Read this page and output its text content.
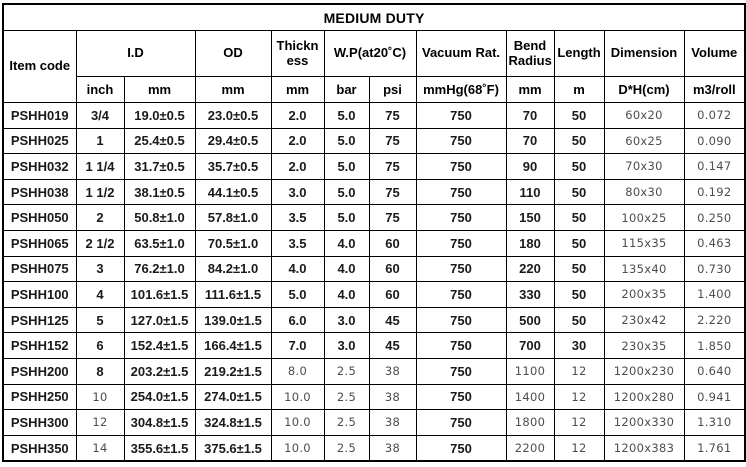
MEDIUM DUTY											
Item code	I.D		OD	Thickness	W.P(at20˚C)		Vacuum Rat.	Bend Radius	Length	Dimension	Volume
	inch	mm	mm	mm	bar	psi	mmHg(68˚F)	mm	m	D*H(cm)	m3/roll
PSHH019	3/4	19.0±0.5	23.0±0.5	2.0	5.0	75	750	70	50	60x20	0.072
PSHH025	1	25.4±0.5	29.4±0.5	2.0	5.0	75	750	70	50	60x25	0.090
PSHH032	1 1/4	31.7±0.5	35.7±0.5	2.0	5.0	75	750	90	50	70x30	0.147
PSHH038	1 1/2	38.1±0.5	44.1±0.5	3.0	5.0	75	750	110	50	80x30	0.192
PSHH050	2	50.8±1.0	57.8±1.0	3.5	5.0	75	750	150	50	100x25	0.250
PSHH065	2 1/2	63.5±1.0	70.5±1.0	3.5	4.0	60	750	180	50	115x35	0.463
PSHH075	3	76.2±1.0	84.2±1.0	4.0	4.0	60	750	220	50	135x40	0.730
PSHH100	4	101.6±1.5	111.6±1.5	5.0	4.0	60	750	330	50	200x35	1.400
PSHH125	5	127.0±1.5	139.0±1.5	6.0	3.0	45	750	500	50	230x42	2.220
PSHH152	6	152.4±1.5	166.4±1.5	7.0	3.0	45	750	700	30	230x35	1.850
PSHH200	8	203.2±1.5	219.2±1.5	8.0	2.5	38	750	1100	12	1200x230	0.640
PSHH250	10	254.0±1.5	274.0±1.5	10.0	2.5	38	750	1400	12	1200x280	0.941
PSHH300	12	304.8±1.5	324.8±1.5	10.0	2.5	38	750	1800	12	1200x330	1.310
PSHH350	14	355.6±1.5	375.6±1.5	10.0	2.5	38	750	2200	12	1200x383	1.761
